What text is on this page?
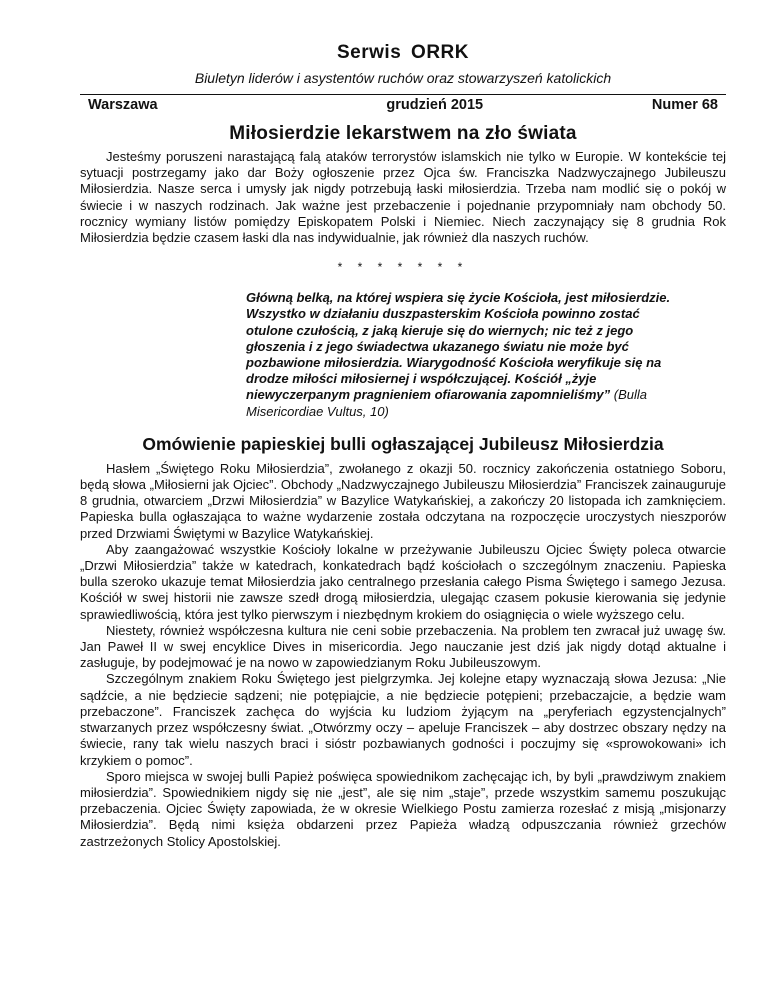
Serwis ORRK
Biuletyn liderów i asystentów ruchów oraz stowarzyszeń katolickich
Warszawa	grudzień 2015	Numer 68
Miłosierdzie lekarstwem na zło świata

Jesteśmy poruszeni narastającą falą ataków terrorystów islamskich nie tylko w Europie. W kontekście tej sytuacji postrzegamy jako dar Boży ogłoszenie przez Ojca św. Franciszka Nadzwyczajnego Jubileuszu Miłosierdzia. Nasze serca i umysły jak nigdy potrzebują łaski miłosierdzia. Trzeba nam modlić się o pokój w świecie i w naszych rodzinach. Jak ważne jest przebaczenie i pojednanie przypomniały nam obchody 50. rocznicy wymiany listów pomiędzy Episkopatem Polski i Niemiec. Niech zaczynający się 8 grudnia Rok Miłosierdzia będzie czasem łaski dla nas indywidualnie, jak również dla naszych ruchów.

* * * * * * *
Główną belką, na której wspiera się życie Kościoła, jest miłosierdzie. Wszystko w działaniu duszpasterskim Kościoła powinno zostać otulone czułością, z jaką kieruje się do wiernych; nic też z jego głoszenia i z jego świadectwa ukazanego światu nie może być pozbawione miłosierdzia. Wiarygodność Kościoła weryfikuje się na drodze miłości miłosiernej i współczującej. Kościół „żyje niewyczerpanym pragnieniem ofiarowania zapomnieliśmy” (Bulla Misericordiae Vultus, 10)
Omówienie papieskiej bulli ogłaszającej Jubileusz Miłosierdzia

Hasłem „Świętego Roku Miłosierdzia”, zwołanego z okazji 50. rocznicy zakończenia ostatniego Soboru, będą słowa „Miłosierni jak Ojciec”. Obchody „Nadzwyczajnego Jubileuszu Miłosierdzia” Franciszek zainauguruje 8 grudnia, otwarciem „Drzwi Miłosierdzia” w Bazylice Watykańskiej, a zakończy 20 listopada ich zamknięciem. Papieska bulla ogłaszająca to ważne wydarzenie została odczytana na rozpoczęcie uroczystych nieszporów przed Drzwiami Świętymi w Bazylice Watykańskiej.

Aby zaangażować wszystkie Kościoły lokalne w przeżywanie Jubileuszu Ojciec Święty poleca otwarcie „Drzwi Miłosierdzia” także w katedrach, konkatedrach bądź kościołach o szczególnym znaczeniu. Papieska bulla szeroko ukazuje temat Miłosierdzia jako centralnego przesłania całego Pisma Świętego i samego Jezusa. Kościół w swej historii nie zawsze szedł drogą miłosierdzia, ulegając czasem pokusie kierowania się jedynie sprawiedliwością, która jest tylko pierwszym i niezbędnym krokiem do osiągnięcia o wiele wyższego celu.

Niestety, również współczesna kultura nie ceni sobie przebaczenia. Na problem ten zwracał już uwagę św. Jan Paweł II w swej encyklice Dives in misericordia. Jego nauczanie jest dziś jak nigdy dotąd aktualne i zasługuje, by podejmować je na nowo w zapowiedzianym Roku Jubileuszowym.

Szczególnym znakiem Roku Świętego jest pielgrzymka. Jej kolejne etapy wyznaczają słowa Jezusa: „Nie sądźcie, a nie będziecie sądzeni; nie potępiajcie, a nie będziecie potępieni; przebaczajcie, a będzie wam przebaczone”. Franciszek zachęca do wyjścia ku ludziom żyjącym na „peryferiach egzystencjalnych” stwarzanych przez współczesny świat. „Otwórzmy oczy – apeluje Franciszek – aby dostrzec obszary nędzy na świecie, rany tak wielu naszych braci i sióstr pozbawianych godności i poczujmy się «sprowokowani» ich krzykiem o pomoc”.

Sporo miejsca w swojej bulli Papież poświęca spowiednikom zachęcając ich, by byli „prawdziwym znakiem miłosierdzia”. Spowiednikiem nigdy się nie „jest”, ale się nim „staje”, przede wszystkim samemu poszukując przebaczenia. Ojciec Święty zapowiada, że w okresie Wielkiego Postu zamierza rozesłać z misją „misjonarzy Miłosierdzia”. Będą nimi księża obdarzeni przez Papieża władzą odpuszczania również grzechów zastrzeżonych Stolicy Apostolskiej.
